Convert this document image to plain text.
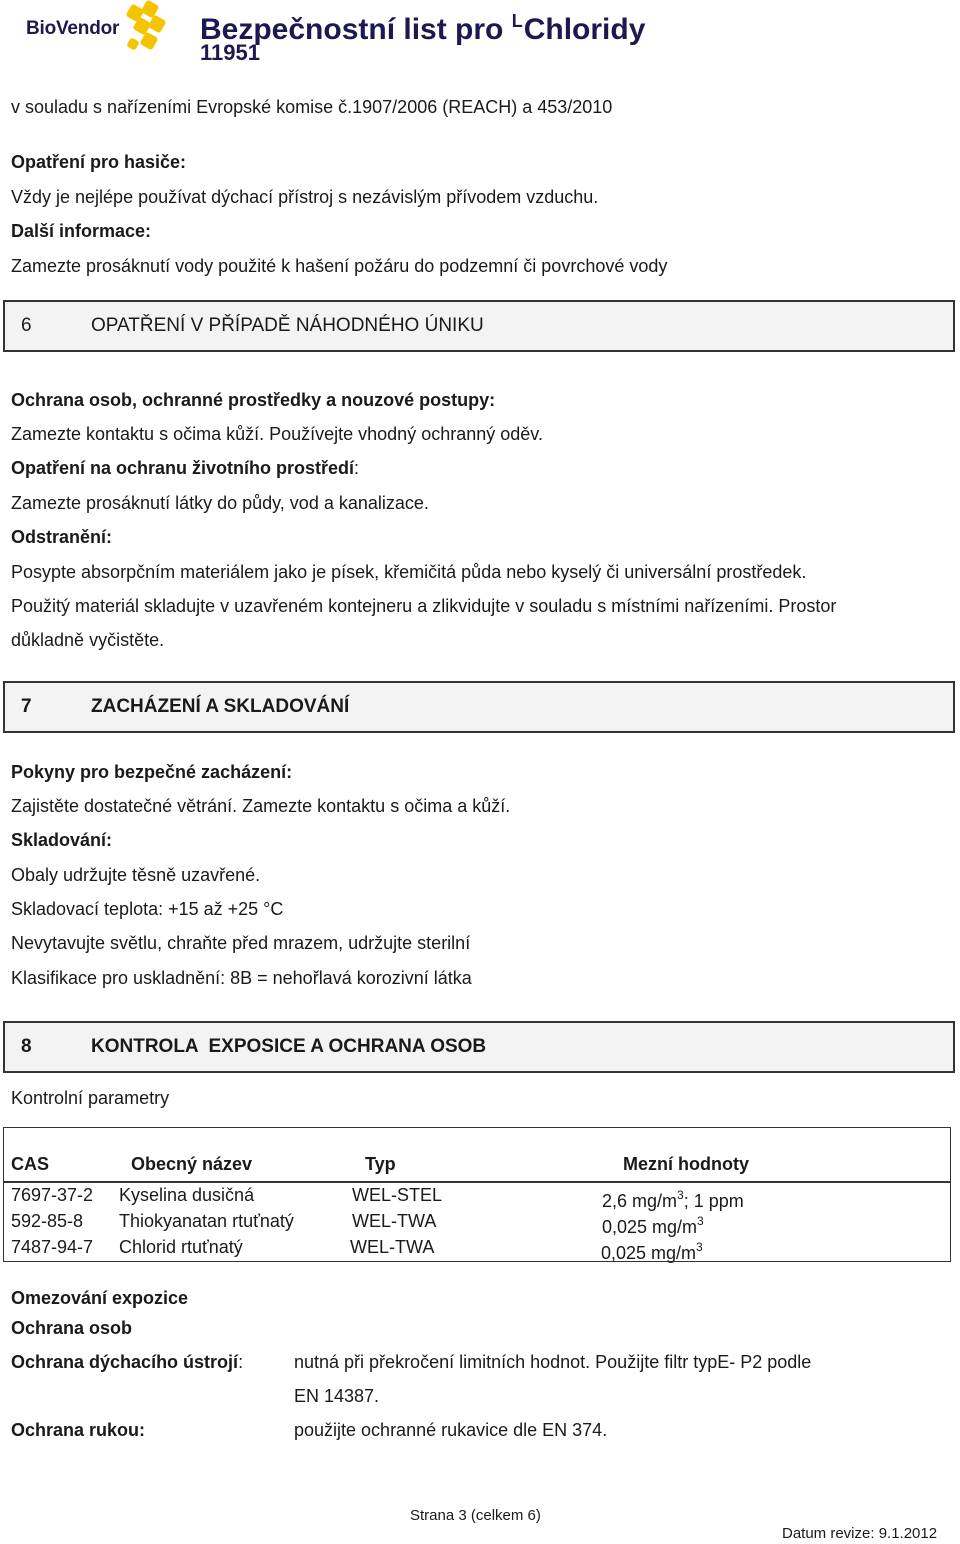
BioVendor	Bezpečnostní list pro $^L$Chloridy
11951
v souladu s nařízeními Evropské komise č.1907/2006 (REACH) a 453/2010
Opatření pro hasiče:
Vždy je nejlépe používat dýchací přístroj s nezávislým přívodem vzduchu.
Další informace:
Zamezte prosáknutí vody použité k hašení požáru do podzemní či povrchové vody
6	OPATŘENÍ V PŘÍPADĚ NÁHODNÉHO ÚNIKU
Ochrana osob, ochranné prostředky a nouzové postupy:
Zamezte kontaktu s očima kůží. Používejte vhodný ochranný oděv.
Opatření na ochranu životního prostředí:
Zamezte prosáknutí látky do půdy, vod a kanalizace.
Odstranění:
Posypte absorpčním materiálem jako je písek, křemičitá půda nebo kyselý či universální prostředek.
Použitý materiál skladujte v uzavřeném kontejneru a zlikvidujte v souladu s místními nařízeními. Prostor
důkladně vyčistěte.
7	ZACHÁZENÍ A SKLADOVÁNÍ
Pokyny pro bezpečné zacházení:
Zajistěte dostatečné větrání. Zamezte kontaktu s očima a kůží.
Skladování:
Obaly udržujte těsně uzavřené.
Skladovací teplota: +15 až +25 °C
Nevytavujte světlu, chraňte před mrazem, udržujte sterilní
Klasifikace pro uskladnění: 8B = nehořlavá korozivní látka
8	KONTROLA  EXPOSICE A OCHRANA OSOB
Kontrolní parametry
CAS	Obecný název	Typ	Mezní hodnoty
7697-37-2 Kyselina dusičná	WEL-STEL	2,6 $mg/m^3$; 1 ppm
592-85-8 Thiokyanatan rtuťnatý	WEL-TWA	0,025 $mg/m^3$
7487-94-7 Chlorid rtuťnatý	WEL-TWA	0,025 $mg/m^3$
Omezování expozice
Ochrana osob
Ochrana dýchacího ústrojí:	nutná při překročení limitních hodnot. Použijte filtr typE- P2 podle
EN 14387.
Ochrana rukou:	použijte ochranné rukavice dle EN 374.
Strana 3 (celkem 6)
Datum revize: 9.1.2012
